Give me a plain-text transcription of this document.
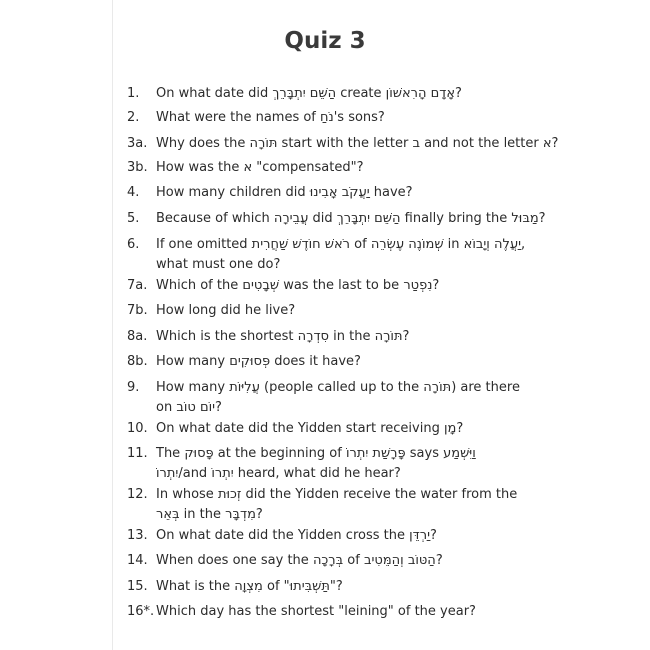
Quiz 3
1. On what date did הַשֵּׁם יִתְבָּרֵךְ create אָדָם הָרִאשׁוֹן?
2. What were the names of נֹחַ's sons?
3a. Why does the תּוֹרָה start with the letter ב and not the letter א?
3b. How was the א "compensated"?
4. How many children did יַעֲקֹב אָבִינוּ have?
5. Because of which עֲבֵירָה did הַשֵּׁם יִתְבָּרֵךְ finally bring the מַבּוּל?
6. If one omitted רֹאשׁ חוֹדֶשׁ שַׁחֲרִית of שְׁמוֹנֶה עֶשְׂרֵה in יַעֲלֶה וְיָבוֹא, what must one do?
7a. Which of the שְׁבָטִים was the last to be נִפְטַר?
7b. How long did he live?
8a. Which is the shortest סִדְרָה in the תּוֹרָה?
8b. How many פְּסוּקִים does it have?
9. How many עֲלִיּוֹת (people called up to the תּוֹרָה) are there on יוֹם טוֹב?
10. On what date did the Yidden start receiving מָן?
11. The פָּסוּק at the beginning of פָּרָשַׁת יִתְרוֹ says וַיִּשְׁמַע יִתְרוֹ/and יִתְרוֹ heard, what did he hear?
12. In whose זְכוּת did the Yidden receive the water from the בְּאֵר in the מִדְבָּר?
13. On what date did the Yidden cross the יַרְדֵּן?
14. When does one say the בְּרָכָה of הַטּוֹב וְהַמֵּטִיב?
15. What is the מִצְוָה of "תַּשְׁבִּיתוּ"?
16*. Which day has the shortest "leining" of the year?
